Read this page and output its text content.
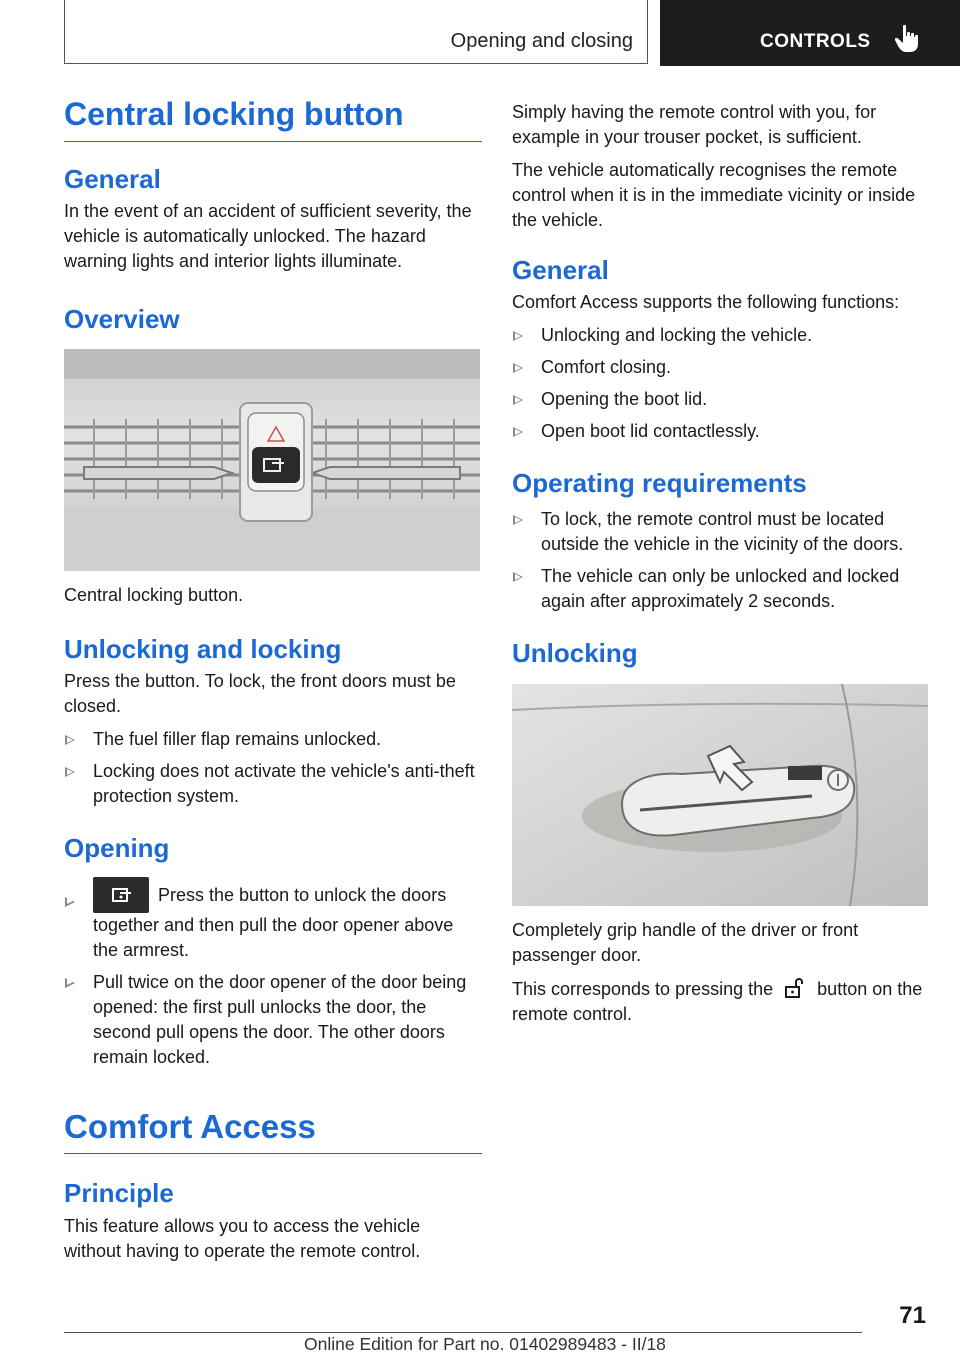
Opening and closing	CONTROLS
Central locking button
General

In the event of an accident of sufficient severity, the vehicle is automatically unlocked. The hazard warning lights and interior lights illuminate.

Overview

Central locking button.

Unlocking and locking

Press the button. To lock, the front doors must be closed.

The fuel filler flap remains unlocked.
Locking does not activate the vehicle's anti-theft protection system.
Opening
Press the button to unlock the doors together and then pull the door opener above the armrest.
Pull twice on the door opener of the door being opened: the first pull unlocks the door, the second pull opens the door. The other doors remain locked.
Comfort Access
Principle

This feature allows you to access the vehicle without having to operate the remote control.

Simply having the remote control with you, for example in your trouser pocket, is sufficient.

The vehicle automatically recognises the remote control when it is in the immediate vicinity or inside the vehicle.

General

Comfort Access supports the following functions:

Unlocking and locking the vehicle.
Comfort closing.
Opening the boot lid.
Open boot lid contactlessly.
Operating requirements
To lock, the remote control must be located outside the vehicle in the vicinity of the doors.
The vehicle can only be unlocked and locked again after approximately 2 seconds.
Unlocking

Completely grip handle of the driver or front passenger door.

This corresponds to pressing the button on the remote control.

71
Online Edition for Part no. 01402989483 - II/18
